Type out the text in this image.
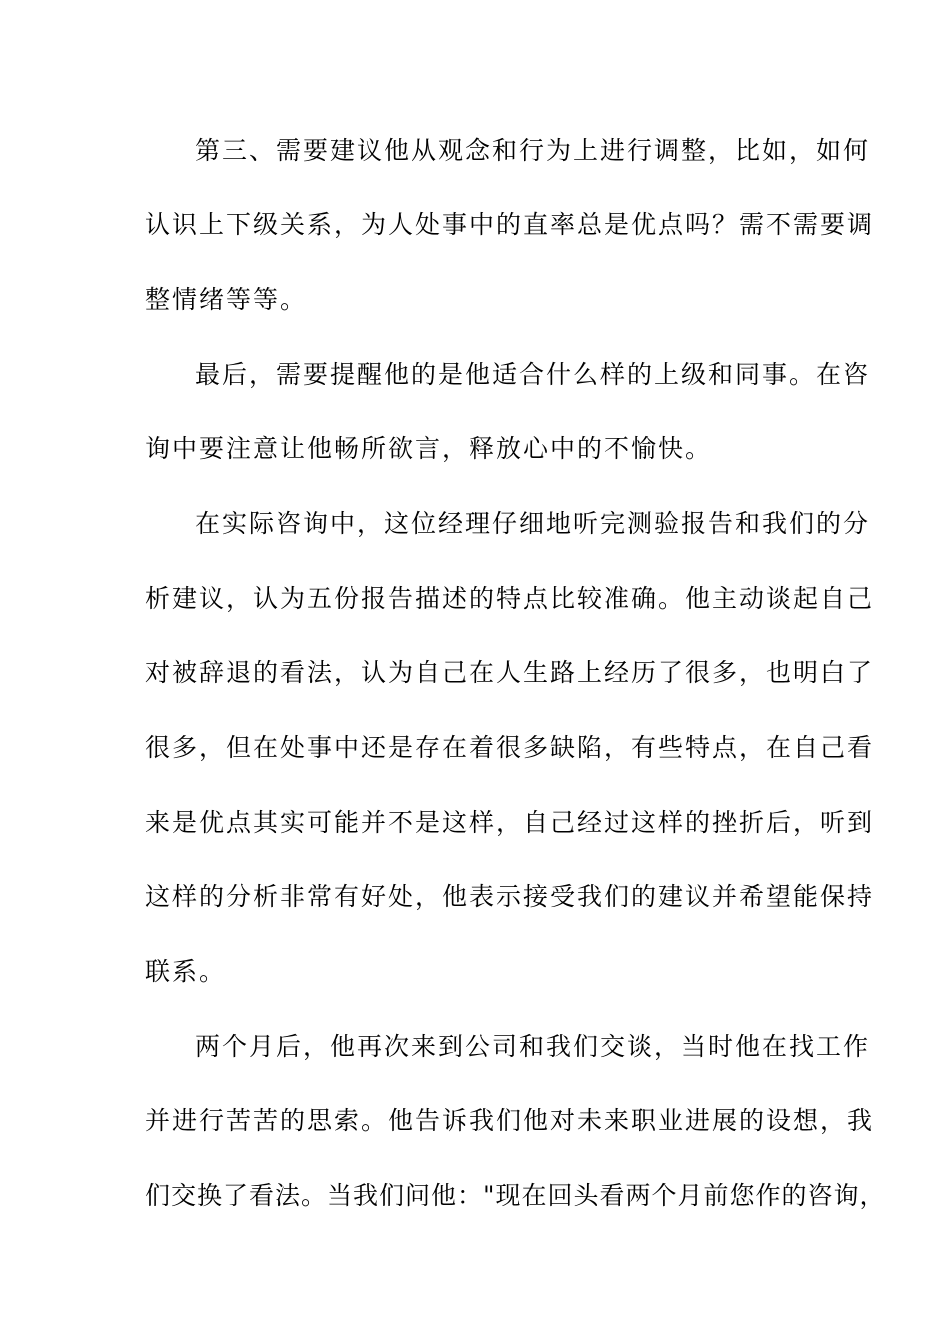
第三、需要建议他从观念和行为上进行调整，比如，如何
认识上下级关系，为人处事中的直率总是优点吗？需不需要调
整情绪等等。
最后，需要提醒他的是他适合什么样的上级和同事。在咨
询中要注意让他畅所欲言，释放心中的不愉快。
在实际咨询中，这位经理仔细地听完测验报告和我们的分
析建议，认为五份报告描述的特点比较准确。他主动谈起自己
对被辞退的看法，认为自己在人生路上经历了很多，也明白了
很多，但在处事中还是存在着很多缺陷，有些特点，在自己看
来是优点其实可能并不是这样，自己经过这样的挫折后，听到
这样的分析非常有好处，他表示接受我们的建议并希望能保持
联系。
两个月后，他再次来到公司和我们交谈，当时他在找工作
并进行苦苦的思索。他告诉我们他对未来职业进展的设想，我
们交换了看法。当我们问他："现在回头看两个月前您作的咨询，
